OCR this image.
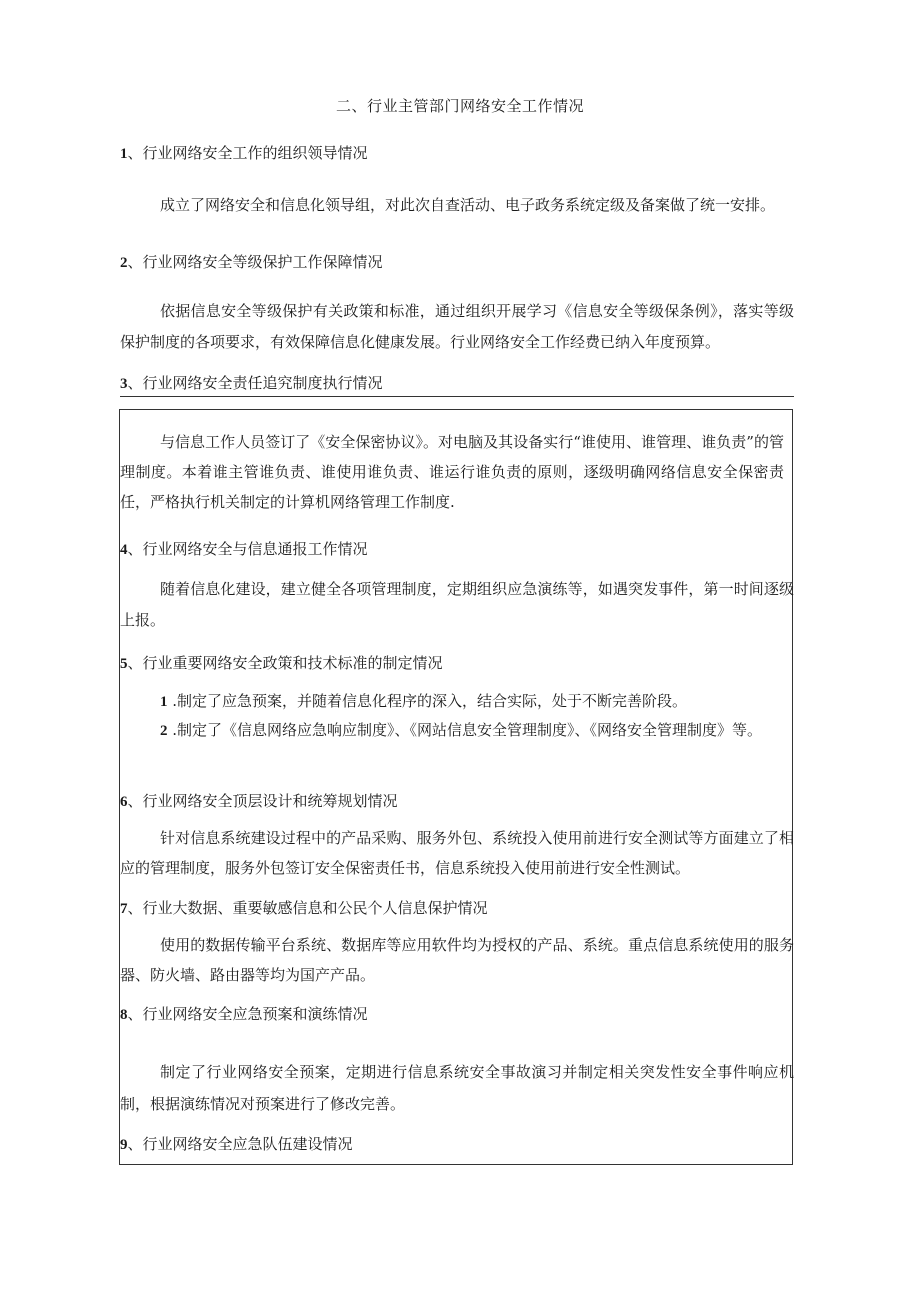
二、行业主管部门网络安全工作情况
1、行业网络安全工作的组织领导情况
成立了网络安全和信息化领导组，对此次自查活动、电子政务系统定级及备案做了统一安排。
2、行业网络安全等级保护工作保障情况
依据信息安全等级保护有关政策和标准，通过组织开展学习《信息安全等级保条例》，落实等级保护制度的各项要求，有效保障信息化健康发展。行业网络安全工作经费已纳入年度预算。
3、行业网络安全责任追究制度执行情况
与信息工作人员签订了《安全保密协议》。对电脑及其设备实行“谁使用、谁管理、谁负责”的管理制度。本着谁主管谁负责、谁使用谁负责、谁运行谁负责的原则，逐级明确网络信息安全保密责任，严格执行机关制定的计算机网络管理工作制度.
4、行业网络安全与信息通报工作情况
随着信息化建设，建立健全各项管理制度，定期组织应急演练等，如遇突发事件，第一时间逐级上报。
5、行业重要网络安全政策和技术标准的制定情况
1 .制定了应急预案，并随着信息化程序的深入，结合实际，处于不断完善阶段。
2 .制定了《信息网络应急响应制度》、《网站信息安全管理制度》、《网络安全管理制度》等。
6、行业网络安全顶层设计和统筹规划情况
针对信息系统建设过程中的产品采购、服务外包、系统投入使用前进行安全测试等方面建立了相应的管理制度，服务外包签订安全保密责任书，信息系统投入使用前进行安全性测试。
7、行业大数据、重要敏感信息和公民个人信息保护情况
使用的数据传输平台系统、数据库等应用软件均为授权的产品、系统。重点信息系统使用的服务器、防火墙、路由器等均为国产产品。
8、行业网络安全应急预案和演练情况
制定了行业网络安全预案，定期进行信息系统安全事故演习并制定相关突发性安全事件响应机制，根据演练情况对预案进行了修改完善。
9、行业网络安全应急队伍建设情况
